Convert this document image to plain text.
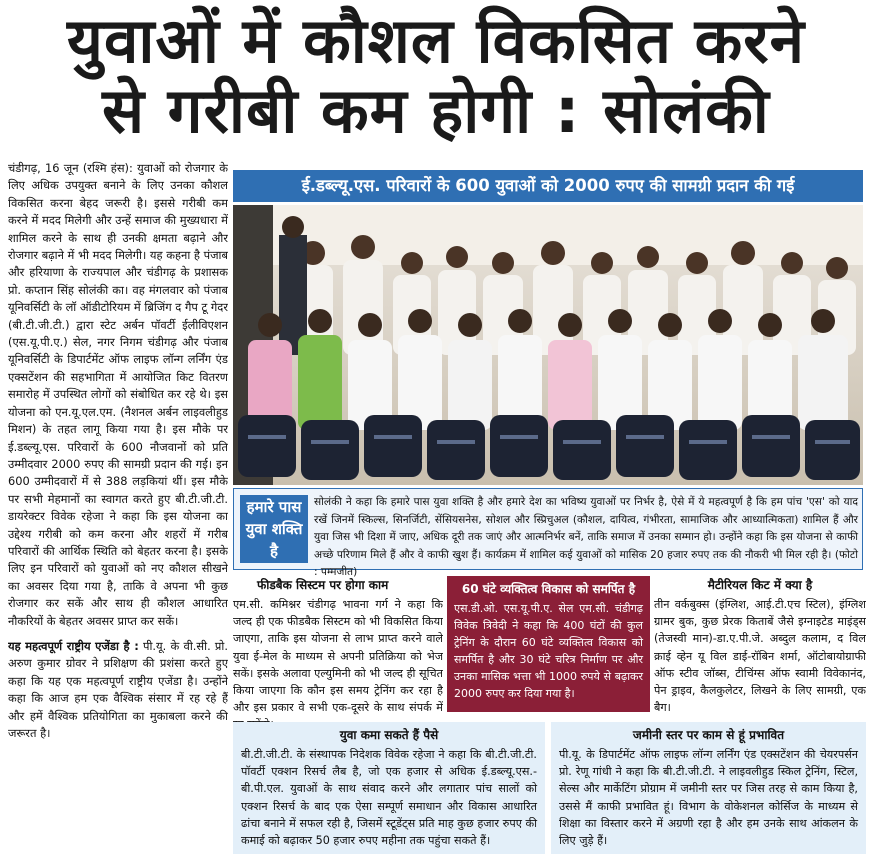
युवाओं में कौशल विकसित करने
से गरीबी कम होगी : सोलंकी

चंडीगढ़, 16 जून (रश्मि हंस): युवाओं को रोजगार के लिए अधिक उपयुक्त बनाने के लिए उनका कौशल विकसित करना बेहद जरूरी है। इससे गरीबी कम करने में मदद मिलेगी और उन्हें समाज की मुख्यधारा में शामिल करने के साथ ही उनकी क्षमता बढ़ाने और रोजगार बढ़ाने में भी मदद मिलेगी। यह कहना है पंजाब और हरियाणा के राज्यपाल और चंडीगढ़ के प्रशासक प्रो. कप्तान सिंह सोलंकी का। वह मंगलवार को पंजाब यूनिवर्सिटी के लॉ ऑडीटोरियम में ब्रिजिंग द गैप टू गेदर (बी.टी.जी.टी.) द्वारा स्टेट अर्बन पॉवर्टी ईलीविएशन (एस.यू.पी.ए.) सेल, नगर निगम चंडीगढ़ और पंजाब यूनिवर्सिटी के डिपार्टमेंट ऑफ लाइफ लॉन्ग लर्निंग एंड एक्सटेंशन की सहभागिता में आयोजित किट वितरण समारोह में उपस्थित लोगों को संबोधित कर रहे थे। इस योजना को एन.यू.एल.एम. (नैशनल अर्बन लाइवलीहुड मिशन) के तहत लागू किया गया है। इस मौके पर ई.डब्ल्यू.एस. परिवारों के 600 नौजवानों को प्रति उम्मीदवार 2000 रुपए की सामग्री प्रदान की गई। इन 600 उम्मीदवारों में से 388 लड़कियां थीं। इस मौके पर सभी मेहमानों का स्वागत करते हुए बी.टी.जी.टी. डायरेक्टर विवेक रहेजा ने कहा कि इस योजना का उद्देश्य गरीबी को कम करना और शहरों में गरीब परिवारों की आर्थिक स्थिति को बेहतर करना है। इसके लिए इन परिवारों को युवाओं को नए कौशल सीखने का अवसर दिया गया है, ताकि वे अपना भी कुछ रोजगार कर सकें और साथ ही कौशल आधारित नौकरियों के बेहतर अवसर प्राप्त कर सकें।

यह महत्वपूर्ण राष्ट्रीय एजेंडा है : पी.यू. के वी.सी. प्रो. अरुण कुमार ग्रोवर ने प्रशिक्षण की प्रशंसा करते हुए कहा कि यह एक महत्वपूर्ण राष्ट्रीय एजेंडा है। उन्होंने कहा कि आज हम एक वैश्विक संसार में रह रहे हैं और हमें वैश्विक प्रतियोगिता का मुकाबला करने की जरूरत है।

ई.डब्ल्यू.एस. परिवारों के 600 युवाओं को 2000 रुपए की सामग्री प्रदान की गई
हमारे पास युवा शक्ति है
सोलंकी ने कहा कि हमारे पास युवा शक्ति है और हमारे देश का भविष्य युवाओं पर निर्भर है, ऐसे में ये महत्वपूर्ण है कि हम पांच 'एस' को याद रखें जिनमें स्किल्स, सिनर्जिटी, सेंसियसनेस, सोशल और स्प्रिचुअल (कौशल, दायित्व, गंभीरता, सामाजिक और आध्यात्मिकता) शामिल हैं और युवा जिस भी दिशा में जाए, अधिक दूरी तक जाएं और आत्मनिर्भर बनें, ताकि समाज में उनका सम्मान हो। उन्होंने कहा कि इस योजना से काफी अच्छे परिणाम मिले हैं और वे काफी खुश हैं। कार्यक्रम में शामिल कई युवाओं को मासिक 20 हजार रुपए तक की नौकरी भी मिल रही है। (फोटो : पम्मजीत)
फीडबैक सिस्टम पर होगा काम

एम.सी. कमिश्नर चंडीगढ़ भावना गर्ग ने कहा कि जल्द ही एक फीडबैक सिस्टम को भी विकसित किया जाएगा, ताकि इस योजना से लाभ प्राप्त करने वाले युवा ई-मेल के माध्यम से अपनी प्रतिक्रिया को भेज सकें। इसके अलावा एल्युमिनी को भी जल्द ही सूचित किया जाएगा कि कौन इस समय ट्रेनिंग कर रहा है और इस प्रकार वे सभी एक-दूसरे के साथ संपर्क में

60 घंटे व्यक्तित्व विकास को समर्पित है

एस.डी.ओ. एस.यू.पी.ए. सेल एम.सी. चंडीगढ़ विवेक त्रिवेदी ने कहा कि 400 घंटों की कुल ट्रेनिंग के दौरान 60 घंटे व्यक्तित्व विकास को समर्पित है और 30 घंटे चरित्र निर्माण पर और उनका मासिक भत्ता भी 1000 रुपये से बढ़ाकर 2000 रुपए कर दिया गया है।

मैटीरियल किट में क्या है

तीन वर्कबुक्स (इंग्लिश, आई.टी.एच स्टिल), इंग्लिश ग्रामर बुक, कुछ प्रेरक किताबें जैसे इग्नाइटेड माइंड्स (तेजस्वी मान)-डा.ए.पी.जे. अब्दुल कलाम, द विल क्राई व्हेन यू विल डाई-रॉबिन शर्मा, ऑटोबायोग्राफी ऑफ स्टीव जॉब्स, टीचिंग्स ऑफ स्वामी विवेकानंद, पेन ड्राइव, कैलकुलेटर, लिखने के लिए सामग्री, एक बैग।

युवा कमा सकते हैं पैसे

बी.टी.जी.टी. के संस्थापक निदेशक विवेक रहेजा ने कहा कि बी.टी.जी.टी. पॉवर्टी एक्शन रिसर्च लैब है, जो एक हजार से अधिक ई.डब्ल्यू.एस.-बी.पी.एल. युवाओं के साथ संवाद करने और लगातार पांच सालों को एक्शन रिसर्च के बाद एक ऐसा सम्पूर्ण समाधान और विकास आधारित ढांचा बनाने में सफल रही है, जिसमें स्टूडेंट्स प्रति माह कुछ हजार रुपए की कमाई को बढ़ाकर 50 हजार रुपए महीना तक पहुंचा सकते हैं।

जमीनी स्तर पर काम से हूं प्रभावित

पी.यू. के डिपार्टमेंट ऑफ लाइफ लॉन्ग लर्निंग एंड एक्सटेंशन की चेयरपर्सन प्रो. रेणू गांधी ने कहा कि बी.टी.जी.टी. ने लाइवलीहुड स्किल ट्रेनिंग, स्टिल, सेल्स और मार्केटिंग प्रोग्राम में जमीनी स्तर पर जिस तरह से काम किया है, उससे मैं काफी प्रभावित हूं। विभाग के वोकेशनल कोर्सिज के माध्यम से शिक्षा का विस्तार करने में अग्रणी रहा है और हम उनके साथ आंकलन के लिए जुड़े हैं।
